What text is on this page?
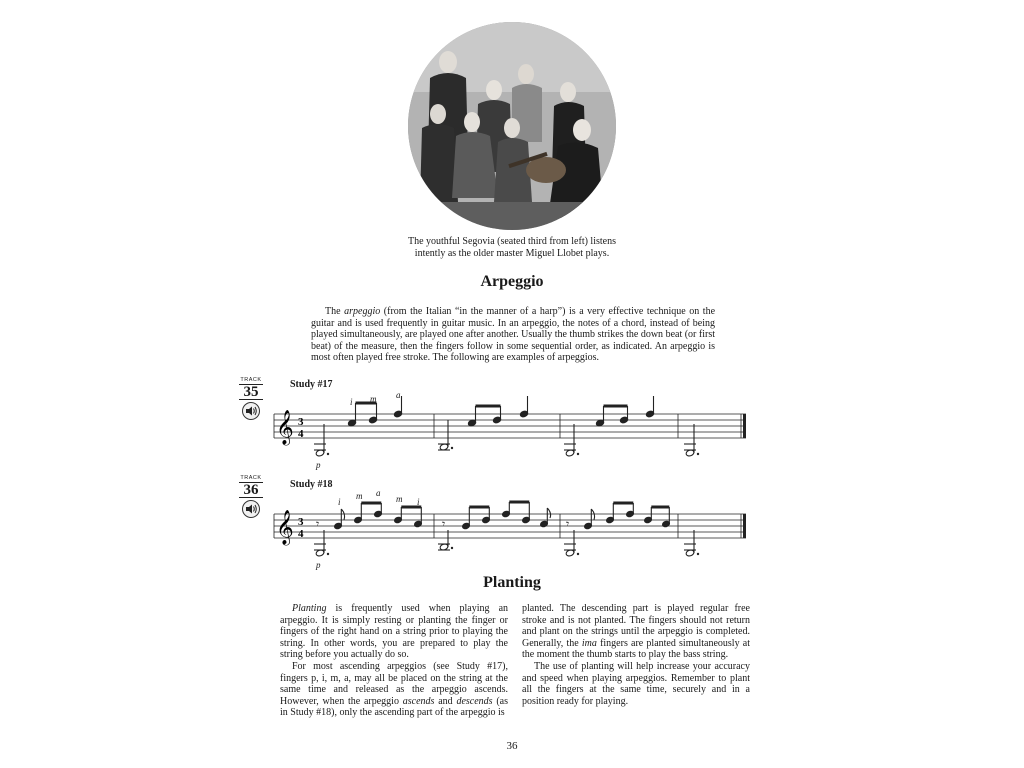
The youthful Segovia (seated third from left) listens
intently as the older master Miguel Llobet plays.
Arpeggio

The arpeggio (from the Italian “in the manner of a harp”) is a very effective technique on the guitar and is used frequently in guitar music. In an arpeggio, the notes of a chord, instead of being played simultaneously, are played one after another. Usually the thumb strikes the down beat (or first beat) of the measure, then the fingers follow in some sequential order, as indicated. An arpeggio is most often played free stroke. The following are examples of arpeggios.

TRACK
35	Study #17
𝄞 3
4
i m a
p
TRACK
36	Study #18
𝄞 3
4
𝄾	𝄾	𝄾
i
m a
m i
p
Planting

Planting is frequently used when playing an arpeggio. It is simply resting or planting the finger or fingers of the right hand on a string prior to playing the string. In other words, you are prepared to play the string before you actually do so.

For most ascending arpeggios (see Study #17), fingers p, i, m, a, may all be placed on the string at the same time and released as the arpeggio ascends. However, when the arpeggio ascends and descends (as in Study #18), only the ascending part of the arpeggio is

planted. The descending part is played regular free stroke and is not planted. The fingers should not return and plant on the strings until the arpeggio is completed. Generally, the ima fingers are planted simultaneously at the moment the thumb starts to play the bass string.

The use of planting will help increase your accuracy and speed when playing arpeggios. Remember to plant all the fingers at the same time, securely and in a position ready for playing.

36
